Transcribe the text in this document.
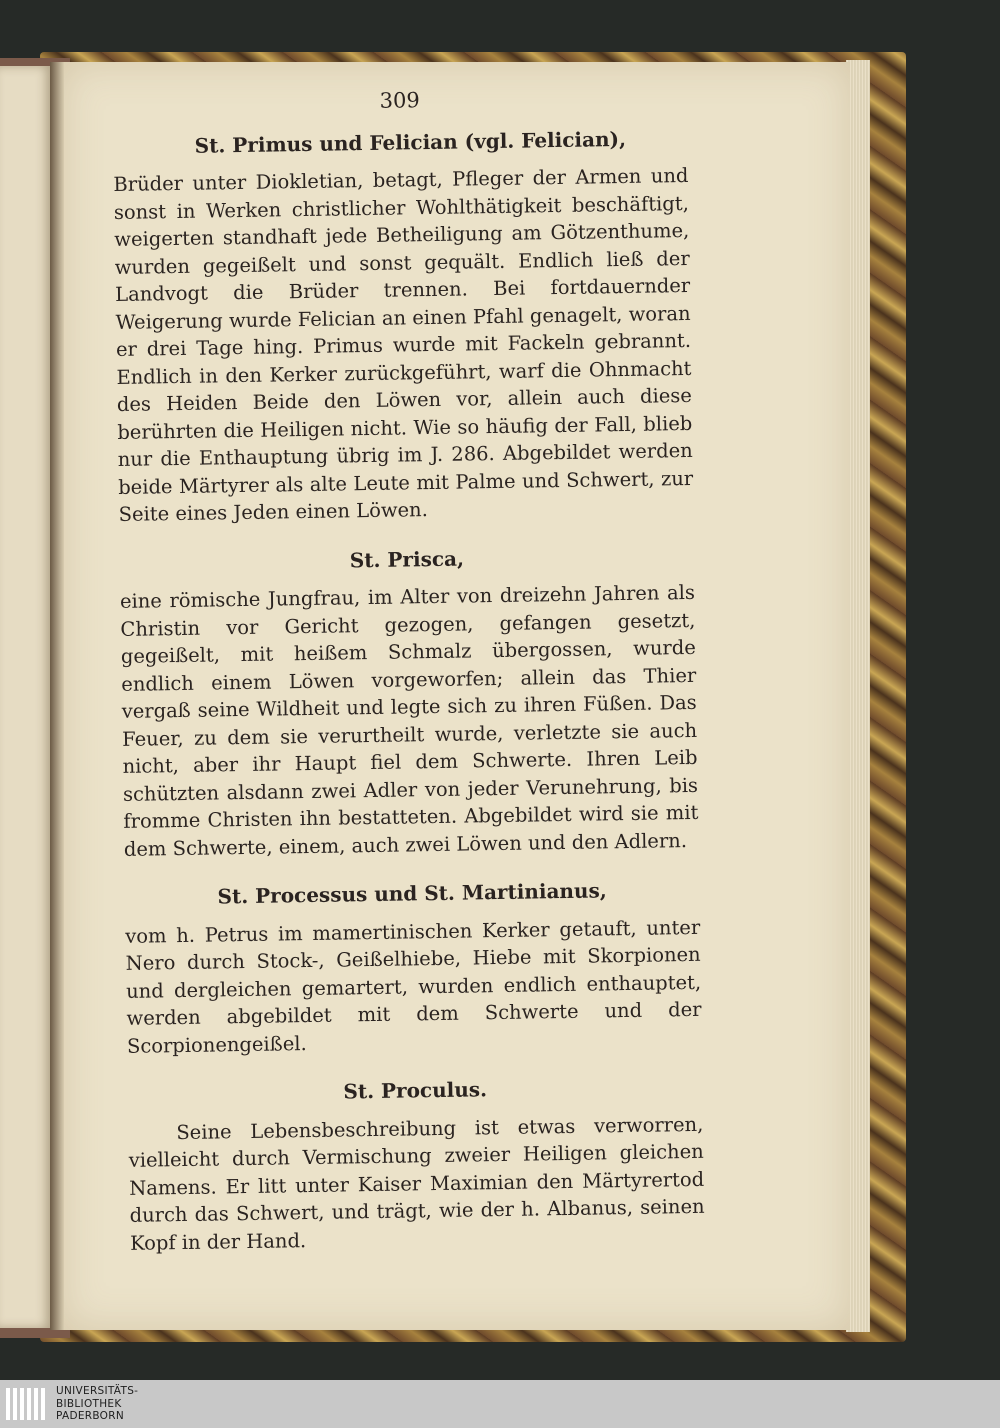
309
St. Primus und Felician (vgl. Felician),

Brüder unter Diokletian, betagt, Pfleger der Armen und sonst in Werken christlicher Wohlthätigkeit beschäftigt, weigerten standhaft jede Betheiligung am Götzenthume, wurden gegeißelt und sonst gequält. Endlich ließ der Landvogt die Brüder trennen. Bei fortdauernder Weigerung wurde Felician an einen Pfahl genagelt, woran er drei Tage hing. Primus wurde mit Fackeln gebrannt. Endlich in den Kerker zurückgeführt, warf die Ohnmacht des Heiden Beide den Löwen vor, allein auch diese berührten die Heiligen nicht. Wie so häufig der Fall, blieb nur die Enthauptung übrig im J. 286. Abgebildet werden beide Märtyrer als alte Leute mit Palme und Schwert, zur Seite eines Jeden einen Löwen.

St. Prisca,

eine römische Jungfrau, im Alter von dreizehn Jahren als Christin vor Gericht gezogen, gefangen gesetzt, gegeißelt, mit heißem Schmalz übergossen, wurde endlich einem Löwen vorgeworfen; allein das Thier vergaß seine Wildheit und legte sich zu ihren Füßen. Das Feuer, zu dem sie verurtheilt wurde, verletzte sie auch nicht, aber ihr Haupt fiel dem Schwerte. Ihren Leib schützten alsdann zwei Adler von jeder Verunehrung, bis fromme Christen ihn bestatteten. Abgebildet wird sie mit dem Schwerte, einem, auch zwei Löwen und den Adlern.

St. Processus und St. Martinianus,

vom h. Petrus im mamertinischen Kerker getauft, unter Nero durch Stock-, Geißelhiebe, Hiebe mit Skorpionen und dergleichen gemartert, wurden endlich enthauptet, werden abgebildet mit dem Schwerte und der Scorpionengeißel.

St. Proculus.

Seine Lebensbeschreibung ist etwas verworren, vielleicht durch Vermischung zweier Heiligen gleichen Namens. Er litt unter Kaiser Maximian den Märtyrertod durch das Schwert, und trägt, wie der h. Albanus, seinen Kopf in der Hand.

UNIVERSITÄTS-
BIBLIOTHEK
PADERBORN
